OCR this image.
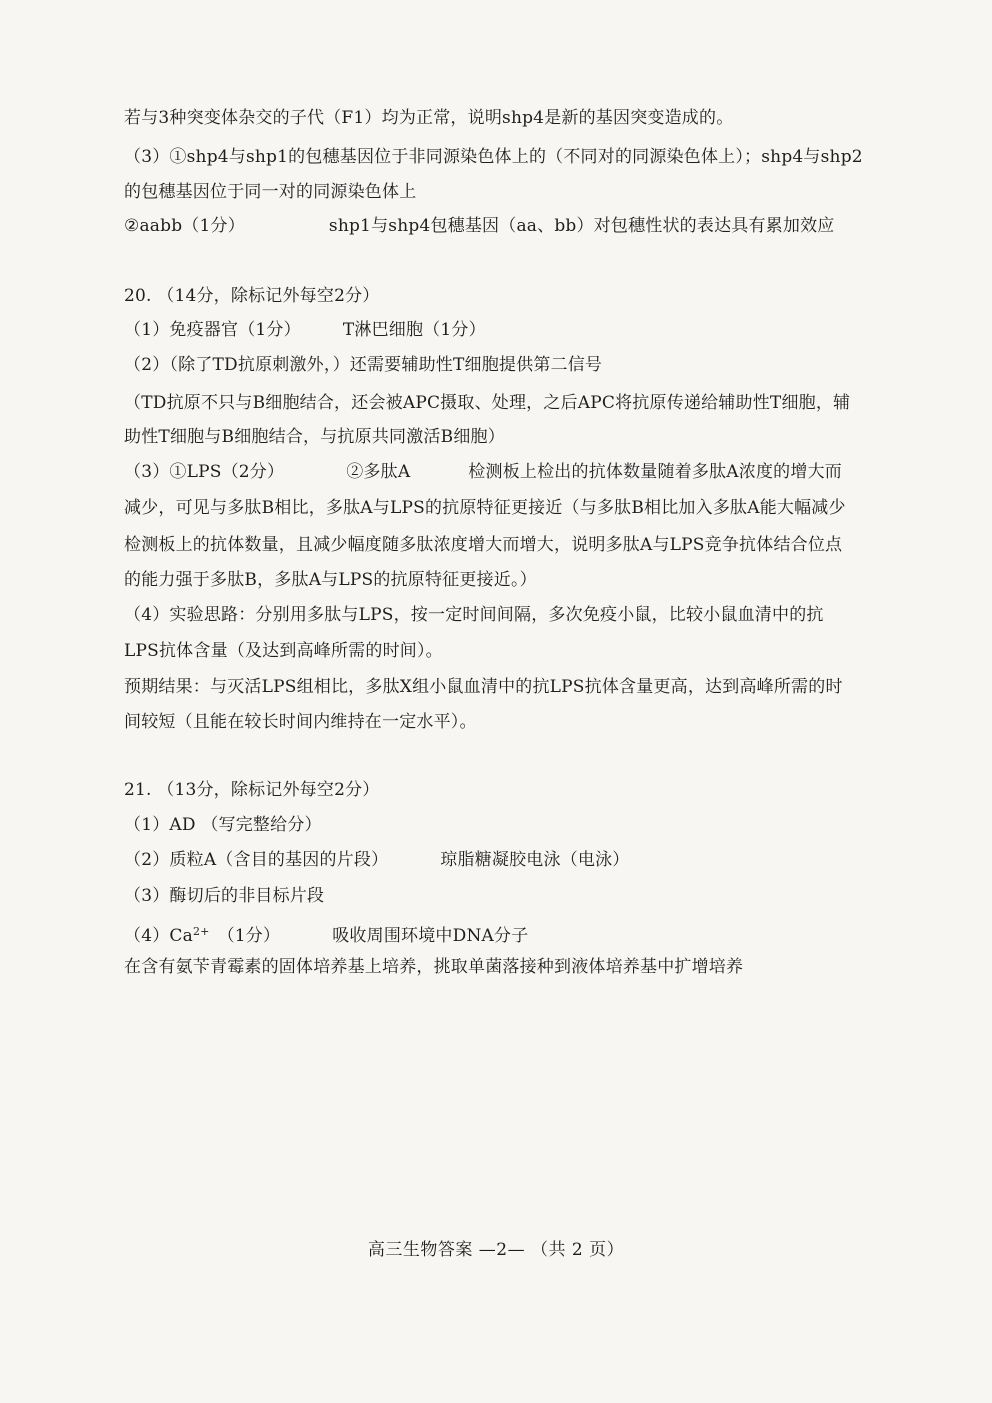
若与3种突变体杂交的子代（F1）均为正常，说明shp4是新的基因突变造成的。
（3）①shp4与shp1的包穗基因位于非同源染色体上的（不同对的同源染色体上）；shp4与shp2
的包穗基因位于同一对的同源染色体上
②aabb（1分）	shp1与shp4包穗基因（aa、bb）对包穗性状的表达具有累加效应
20. （14分，除标记外每空2分）
（1）免疫器官（1分） T淋巴细胞（1分）
（2）（除了TD抗原刺激外，）还需要辅助性T细胞提供第二信号
（TD抗原不只与B细胞结合，还会被APC摄取、处理，之后APC将抗原传递给辅助性T细胞，辅
助性T细胞与B细胞结合，与抗原共同激活B细胞）
（3）①LPS（2分）	②多肽A	检测板上检出的抗体数量随着多肽A浓度的增大而
减少，可见与多肽B相比，多肽A与LPS的抗原特征更接近（与多肽B相比加入多肽A能大幅减少
检测板上的抗体数量，且减少幅度随多肽浓度增大而增大，说明多肽A与LPS竞争抗体结合位点
的能力强于多肽B，多肽A与LPS的抗原特征更接近。）
（4）实验思路：分别用多肽与LPS，按一定时间间隔，多次免疫小鼠，比较小鼠血清中的抗
LPS抗体含量（及达到高峰所需的时间）。
预期结果：与灭活LPS组相比，多肽X组小鼠血清中的抗LPS抗体含量更高，达到高峰所需的时
间较短（且能在较长时间内维持在一定水平）。
21. （13分，除标记外每空2分）
（1）AD （写完整给分）
（2）质粒A（含目的基因的片段）	琼脂糖凝胶电泳（电泳）
（3）酶切后的非目标片段
$(4)Ca^{2+}$ （1分）	吸收周围环境中DNA分子
在含有氨苄青霉素的固体培养基上培养，挑取单菌落接种到液体培养基中扩增培养
高三生物答案 —2— （共 2 页）
